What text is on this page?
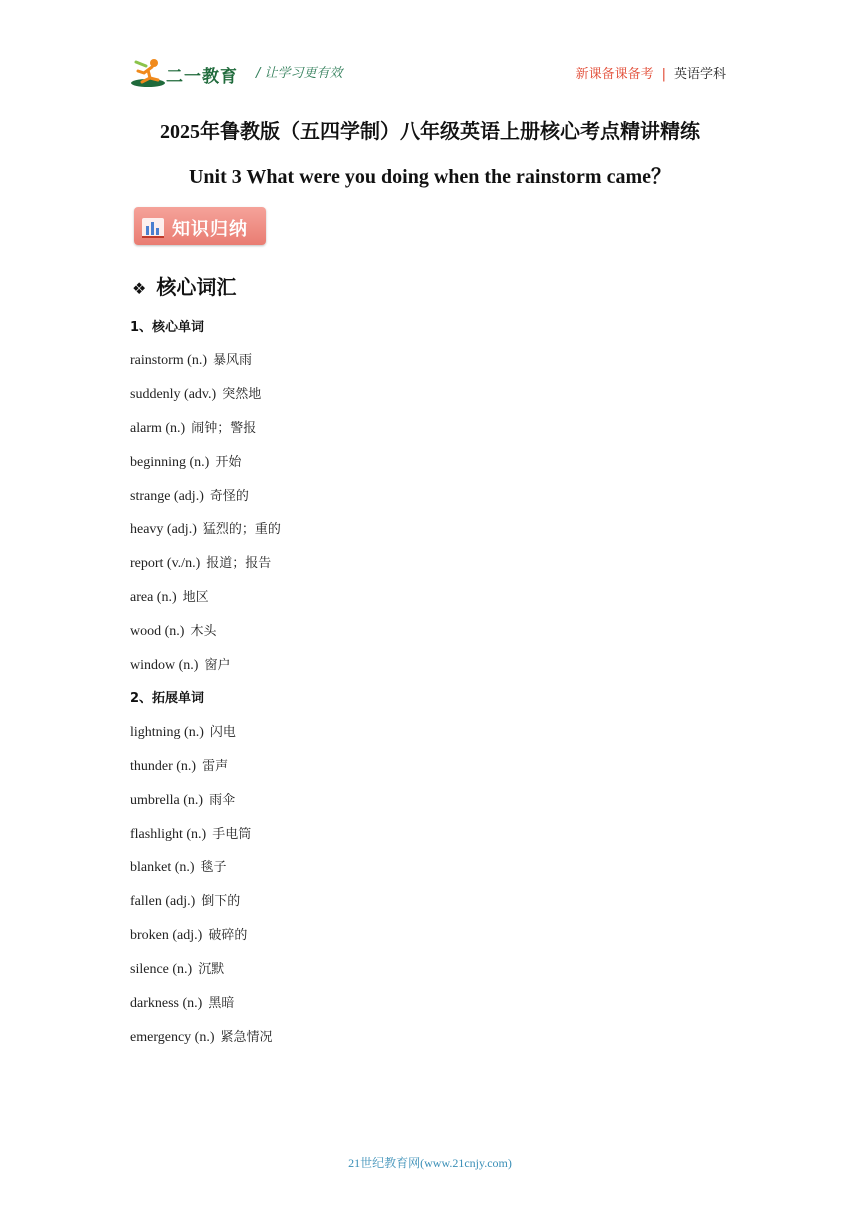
二一教育 / 让学习更有效	新课备课备考 | 英语学科
2025年鲁教版（五四学制）八年级英语上册核心考点精讲精练
Unit 3 What were you doing when the rainstorm came？
知识归纳
❖ 核心词汇
1、核心单词
rainstorm (n.) 暴风雨
suddenly (adv.) 突然地
alarm (n.) 闹钟；警报
beginning (n.) 开始
strange (adj.) 奇怪的
heavy (adj.) 猛烈的；重的
report (v./n.) 报道；报告
area (n.) 地区
wood (n.) 木头
window (n.) 窗户
2、拓展单词
lightning (n.) 闪电
thunder (n.) 雷声
umbrella (n.) 雨伞
flashlight (n.) 手电筒
blanket (n.) 毯子
fallen (adj.) 倒下的
broken (adj.) 破碎的
silence (n.) 沉默
darkness (n.) 黑暗
emergency (n.) 紧急情况
21世纪教育网(www.21cnjy.com)
